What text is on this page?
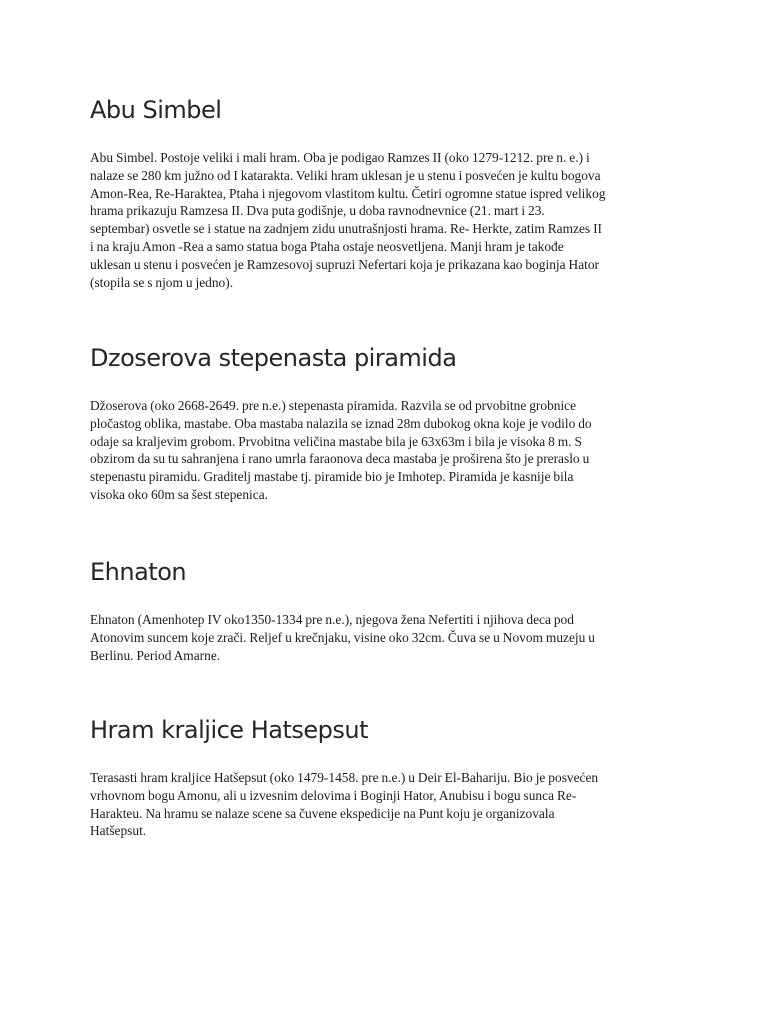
Abu Simbel

Abu Simbel. Postoje veliki i mali hram. Oba je podigao Ramzes II (oko 1279-1212. pre n. e.) i
nalaze se 280 km južno od I katarakta. Veliki hram uklesan je u stenu i posvećen je kultu bogova
Amon-Rea, Re-Haraktea, Ptaha i njegovom vlastitom kultu. Četiri ogromne statue ispred velikog
hrama prikazuju Ramzesa II. Dva puta godišnje, u doba ravnodnevnice (21. mart i 23.
septembar) osvetle se i statue na zadnjem zidu unutrašnjosti hrama. Re- Herkte, zatim Ramzes II
i na kraju Amon -Rea a samo statua boga Ptaha ostaje neosvetljena. Manji hram je takođe
uklesan u stenu i posvećen je Ramzesovoj supruzi Nefertari koja je prikazana kao boginja Hator
(stopila se s njom u jedno).

Dzoserova stepenasta piramida

Džoserova (oko 2668-2649. pre n.e.) stepenasta piramida. Razvila se od prvobitne grobnice
pločastog oblika, mastabe. Oba mastaba nalazila se iznad 28m dubokog okna koje je vodilo do
odaje sa kraljevim grobom. Prvobitna veličina mastabe bila je 63x63m i bila je visoka 8 m. S
obzirom da su tu sahranjena i rano umrla faraonova deca mastaba je proširena što je preraslo u
stepenastu piramidu. Graditelj mastabe tj. piramide bio je Imhotep. Piramida je kasnije bila
visoka oko 60m sa šest stepenica.

Ehnaton

Ehnaton (Amenhotep IV oko1350-1334 pre n.e.), njegova žena Nefertiti i njihova deca pod
Atonovim suncem koje zrači. Reljef u krečnjaku, visine oko 32cm. Čuva se u Novom muzeju u
Berlinu. Period Amarne.

Hram kraljice Hatsepsut

Terasasti hram kraljice Hatšepsut (oko 1479-1458. pre n.e.) u Deir El-Bahariju. Bio je posvećen
vrhovnom bogu Amonu, ali u izvesnim delovima i Boginji Hator, Anubisu i bogu sunca Re-
Harakteu. Na hramu se nalaze scene sa čuvene ekspedicije na Punt koju je organizovala
Hatšepsut.
